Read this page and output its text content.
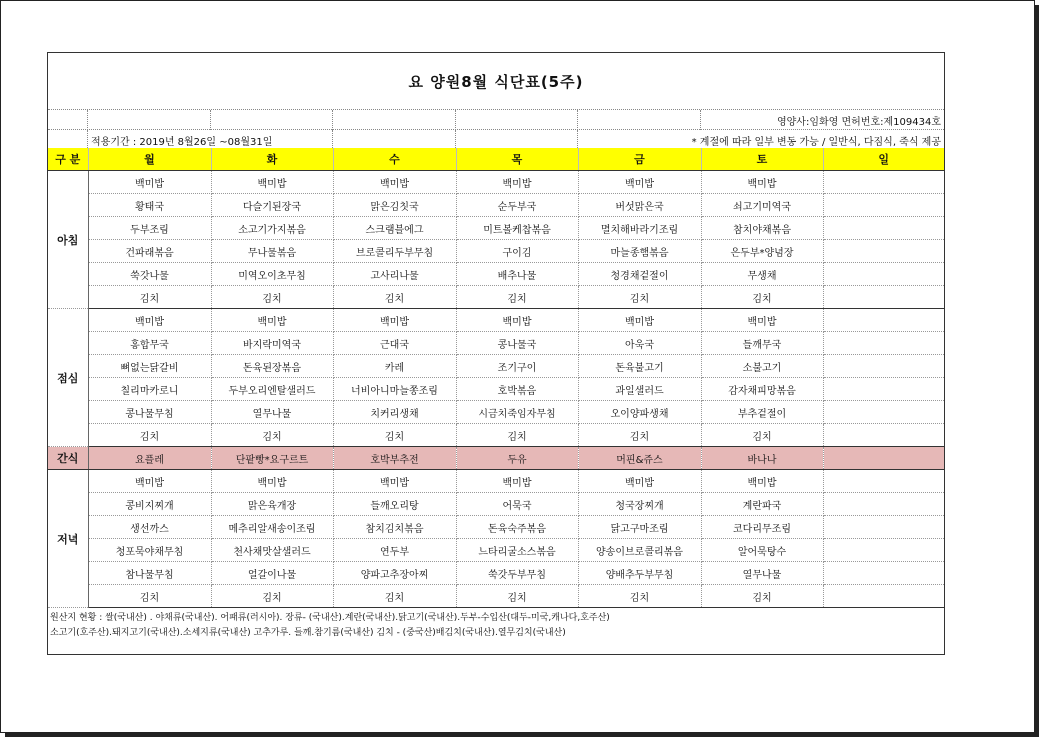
요 양원8월 식단표(5주)
영양사:임화영 면허번호:제109434호
적용기간 : 2019년 8월26일 ~08월31일	* 계절에 따라 일부 변동 가능 / 일반식, 다짐식, 죽식 제공
구 분	월	화	수	목	금	토	일
아침	백미밥	백미밥	백미밥	백미밥	백미밥	백미밥	
	황태국	다슬기된장국	맑은김칫국	순두부국	버섯맑은국	쇠고기미역국	
	두부조림	소고기가지볶음	스크램블에그	미트볼케찹볶음	멸치해바라기조림	참치야채볶음	
	건파래볶음	무나물볶음	브로콜리두부무침	구이김	마늘종햄볶음	은두부*양념장	
	쑥갓나물	미역오이초무침	고사리나물	배추나물	청경채겉절이	무생채	
	김치	김치	김치	김치	김치	김치	
점심	백미밥	백미밥	백미밥	백미밥	백미밥	백미밥	
	홍합무국	바지락미역국	근대국	콩나물국	아욱국	들깨무국	
	뼈없는닭갈비	돈육된장볶음	카레	조기구이	돈육불고기	소불고기	
	칠리마카로니	두부오리엔탈샐러드	너비아니마늘쫑조림	호박볶음	과일샐러드	감자채피망볶음	
	콩나물무침	열무나물	치커리생채	시금치죽임자무침	오이양파생채	부추겉절이	
	김치	김치	김치	김치	김치	김치	
간식	요플레	단팥빵*요구르트	호박부추전	두유	머핀&쥬스	바나나	
저녁	백미밥	백미밥	백미밥	백미밥	백미밥	백미밥	
	콩비지찌개	맑은육개장	들깨오리탕	어묵국	청국장찌개	계란파국	
	생선까스	메추리알새송이조림	참치김치볶음	돈육숙주볶음	닭고구마조림	코다리무조림	
	청포묵야채무침	천사채맛살샐러드	연두부	느타리굴소스볶음	양송이브로콜리볶음	알어묵탕수	
	참나물무침	얼갈이나물	양파고추장아찌	쑥갓두부무침	양배추두부무침	열무나물	
	김치	김치	김치	김치	김치	김치	
원산지 현황 : 쌀(국내산) . 야채류(국내산). 어패류(러시아). 장류- (국내산).계란(국내산).닭고기(국내산).두부-수입산(대두-미국,캐나다,호주산)
소고기(호주산).돼지고기(국내산).소세지류(국내산) 고추가루. 들깨.참기름(국내산) 김치 - (중국산)배김치(국내산).열무김치(국내산)
